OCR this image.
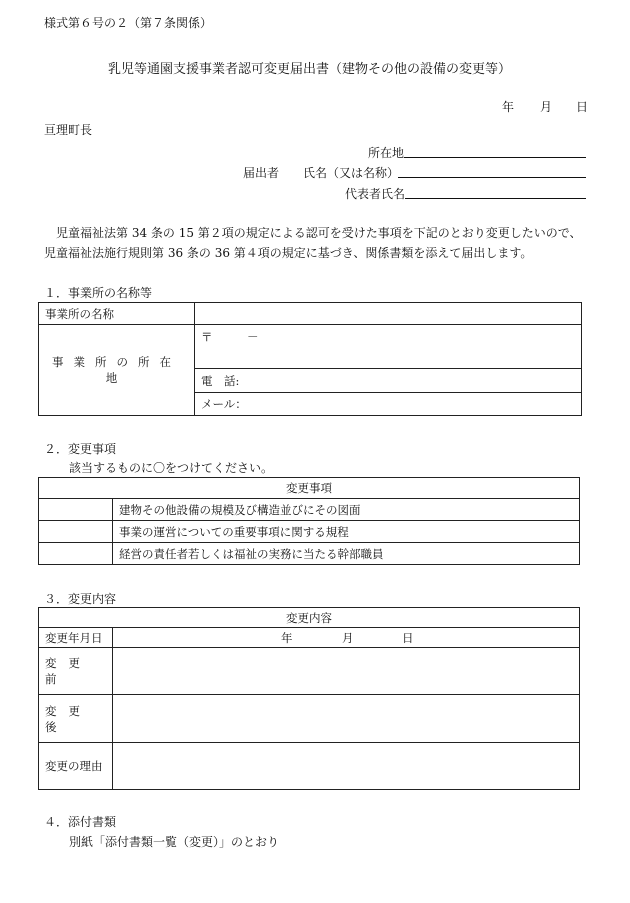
様式第６号の２（第７条関係）
乳児等通園支援事業者認可変更届出書（建物その他の設備の変更等）
年 月 日
亘理町長
所在地
届出者 氏名（又は名称）
代表者氏名
児童福祉法第 34 条の 15 第２項の規定による認可を受けた事項を下記のとおり変更したいので、
児童福祉法施行規則第 36 条の 36 第４項の規定に基づき、関係書類を添えて届出します。
１．事業所の名称等
事業所の名称	
事業所の所在地	〒　　　－
	電　話:
	メール：
２．変更事項
該当するものに〇をつけてください。
変更事項	
	建物その他設備の規模及び構造並びにその図面
	事業の運営についての重要事項に関する規程
	経営の責任者若しくは福祉の実務に当たる幹部職員
３．変更内容
変更内容	
変更年月日	年 月 日

変更前	
変更後	
変更の理由	
４．添付書類
別紙「添付書類一覧（変更）」のとおり
